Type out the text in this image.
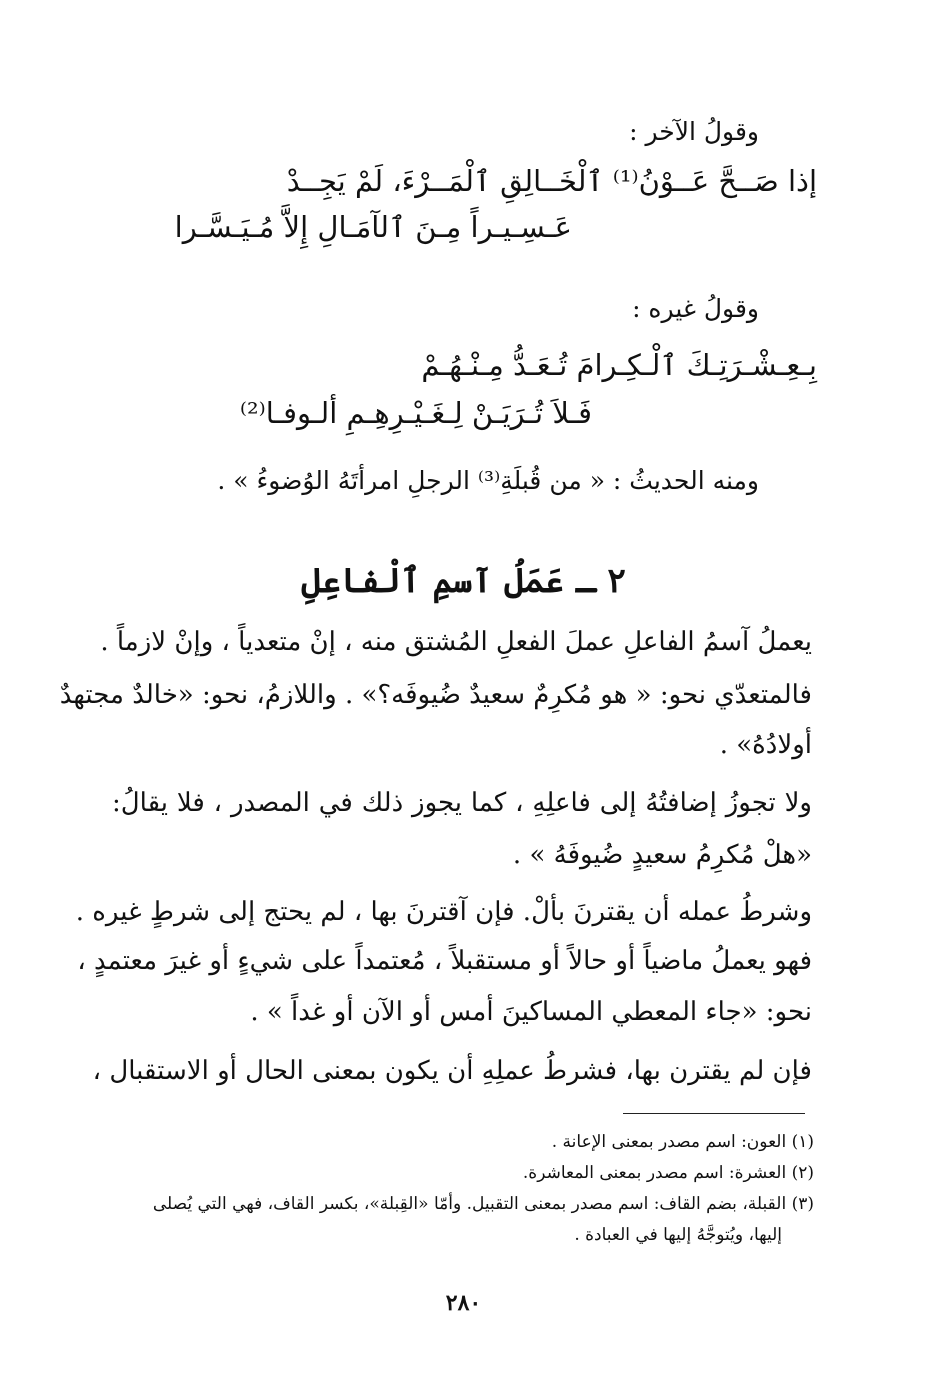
وقولُ الآخر :
إذا صَــحَّ عَــوْنُ⁽¹⁾ ٱلْخَــالِقِ ٱلْمَــرْءَ، لَمْ يَجِــدْ
عَـسِـيـراً مِـنَ ٱلآمَـالِ إِلاَّ مُـيَـسَّـرا
وقولُ غيره :
بِـعِـشْـرَتِـكَ ٱلْـكِـرامَ تُـعَـدُّ مِـنْـهُـمْ
فَـلاَ تُـرَيَـنْ لِـغَـيْـرِهِـمِ ألـوفـا⁽²⁾
ومنه الحديثُ : « من قُبلَةِ⁽³⁾ الرجلِ امرأتَهُ الوُضوءُ » .
٢ ـ عَمَلُ آسمِ ٱلْفاعِلِ
يعملُ آسمُ الفاعلِ عملَ الفعلِ المُشتق منه ، إنْ متعدياً ، وإنْ لازماً .
فالمتعدّي نحو: « هو مُكرِمٌ سعيدٌ ضُيوفَه؟» . واللازمُ، نحو: «خالدٌ مجتهدٌ
أولادُهُ» .
ولا تجوزُ إضافتُهُ إلى فاعلِهِ ، كما يجوز ذلك في المصدر ، فلا يقالُ:
«هلْ مُكرِمُ سعيدٍ ضُيوفَهُ » .
وشرطُ عمله أن يقترنَ بألْ. فإن آقترنَ بها ، لم يحتج إلى شرطٍ غيره .
فهو يعملُ ماضياً أو حالاً أو مستقبلاً ، مُعتمداً على شيءٍ أو غيرَ معتمدٍ ،
نحو: «جاء المعطي المساكينَ أمس أو الآن أو غداً » .
فإن لم يقترن بها، فشرطُ عملِهِ أن يكون بمعنى الحال أو الاستقبال ،
(١) العون: اسم مصدر بمعنى الإعانة .
(٢) العشرة: اسم مصدر بمعنى المعاشرة.
(٣) القبلة، بضم القاف: اسم مصدر بمعنى التقبيل. وأمّا «القِبلة»، بكسر القاف، فهي التي يُصلى
إليها، ويُتوجَّهُ إليها في العبادة .
٢٨٠
